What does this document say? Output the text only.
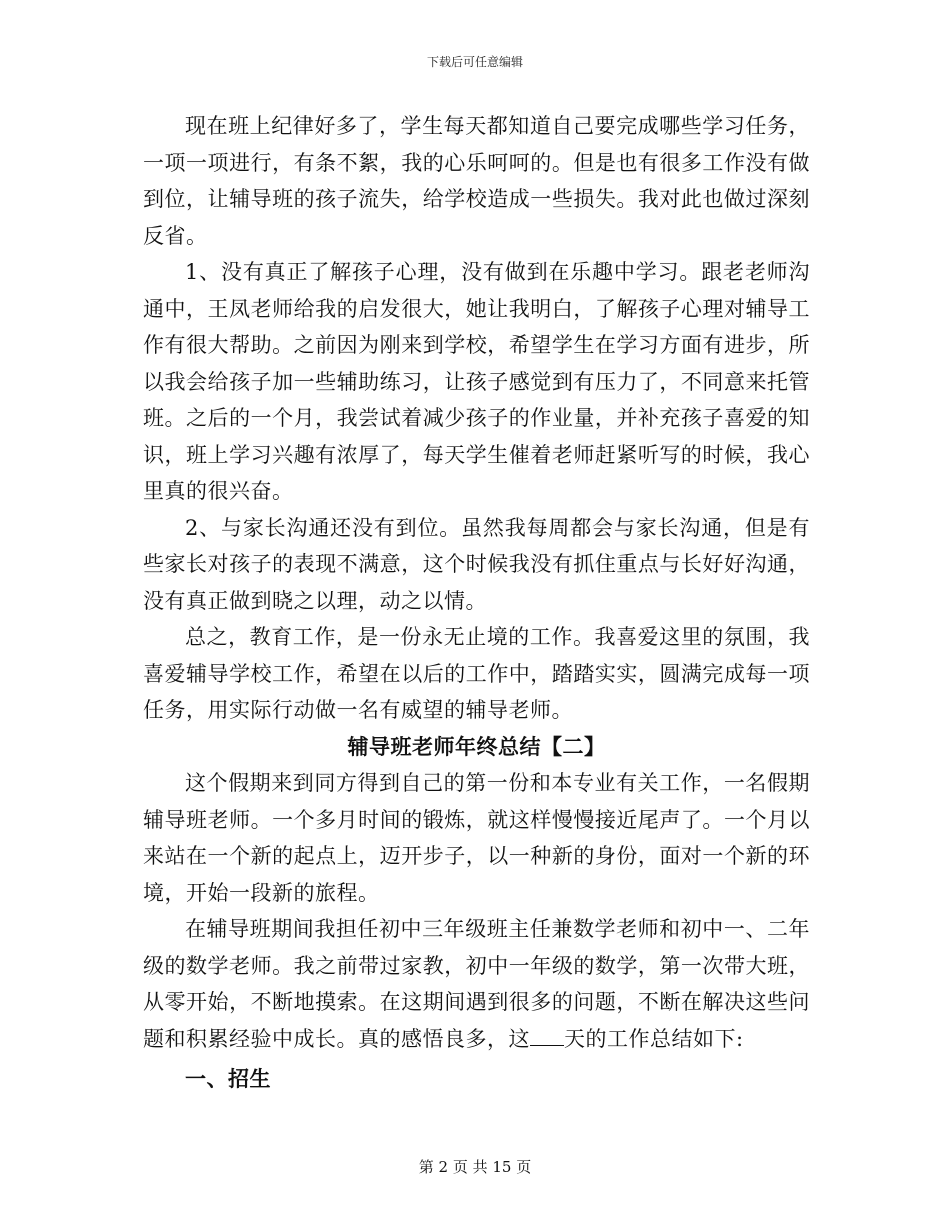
下载后可任意编辑

现在班上纪律好多了，学生每天都知道自己要完成哪些学习任务，一项一项进行，有条不絮，我的心乐呵呵的。但是也有很多工作没有做到位，让辅导班的孩子流失，给学校造成一些损失。我对此也做过深刻反省。

1、没有真正了解孩子心理，没有做到在乐趣中学习。跟老老师沟通中，王凤老师给我的启发很大，她让我明白，了解孩子心理对辅导工作有很大帮助。之前因为刚来到学校，希望学生在学习方面有进步，所以我会给孩子加一些辅助练习，让孩子感觉到有压力了，不同意来托管班。之后的一个月，我尝试着减少孩子的作业量，并补充孩子喜爱的知识，班上学习兴趣有浓厚了，每天学生催着老师赶紧听写的时候，我心里真的很兴奋。

2、与家长沟通还没有到位。虽然我每周都会与家长沟通，但是有些家长对孩子的表现不满意，这个时候我没有抓住重点与长好好沟通，没有真正做到晓之以理，动之以情。

总之，教育工作，是一份永无止境的工作。我喜爱这里的氛围，我喜爱辅导学校工作，希望在以后的工作中，踏踏实实，圆满完成每一项任务，用实际行动做一名有威望的辅导老师。

辅导班老师年终总结【二】

这个假期来到同方得到自己的第一份和本专业有关工作，一名假期辅导班老师。一个多月时间的锻炼，就这样慢慢接近尾声了。一个月以来站在一个新的起点上，迈开步子，以一种新的身份，面对一个新的环境，开始一段新的旅程。

在辅导班期间我担任初中三年级班主任兼数学老师和初中一、二年级的数学老师。我之前带过家教，初中一年级的数学，第一次带大班，从零开始，不断地摸索。在这期间遇到很多的问题，不断在解决这些问题和积累经验中成长。真的感悟良多，这 天的工作总结如下:

一、招生

第 2 页 共 15 页
